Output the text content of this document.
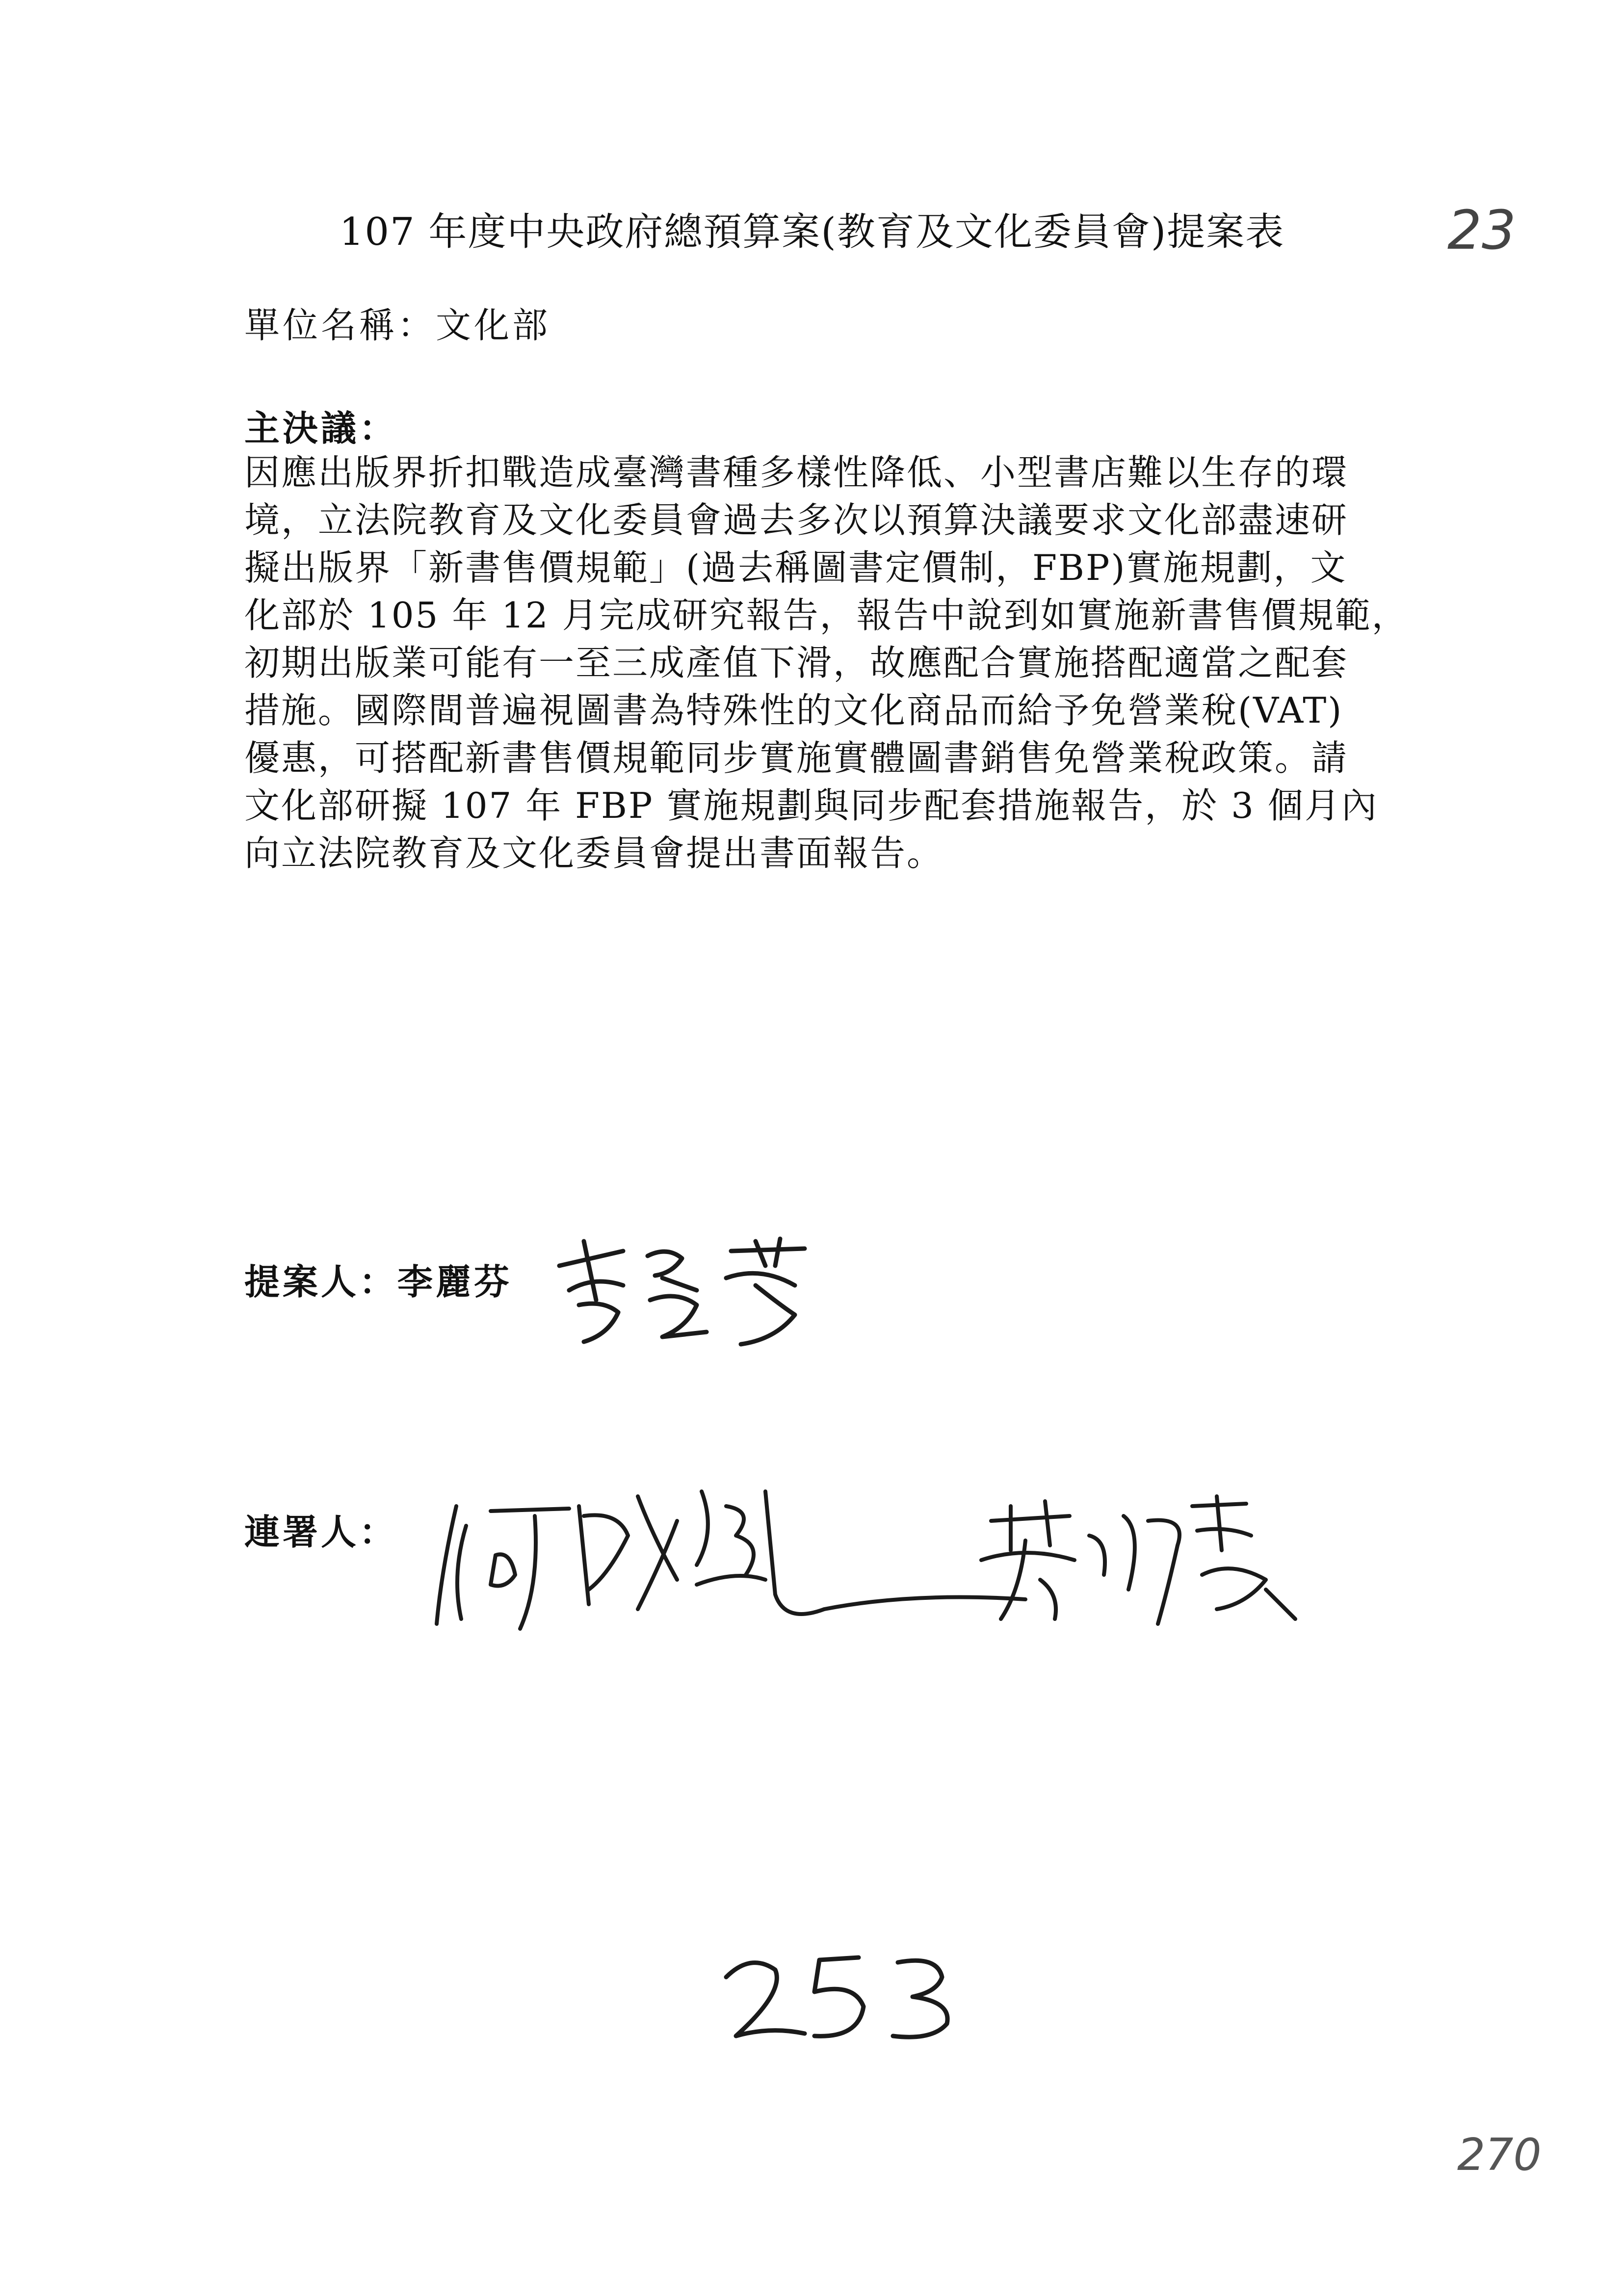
107 年度中央政府總預算案(教育及文化委員會)提案表	23
單位名稱：文化部
主決議：
因應出版界折扣戰造成臺灣書種多樣性降低、小型書店難以生存的環
境，立法院教育及文化委員會過去多次以預算決議要求文化部盡速研
擬出版界「新書售價規範」(過去稱圖書定價制，FBP)實施規劃，文
化部於 105 年 12 月完成研究報告，報告中說到如實施新書售價規範，
初期出版業可能有一至三成產值下滑，故應配合實施搭配適當之配套
措施。國際間普遍視圖書為特殊性的文化商品而給予免營業稅(VAT)
優惠，可搭配新書售價規範同步實施實體圖書銷售免營業稅政策。請
文化部研擬 107 年 FBP 實施規劃與同步配套措施報告，於 3 個月內
向立法院教育及文化委員會提出書面報告。
提案人：李麗芬
連署人：
253
270
